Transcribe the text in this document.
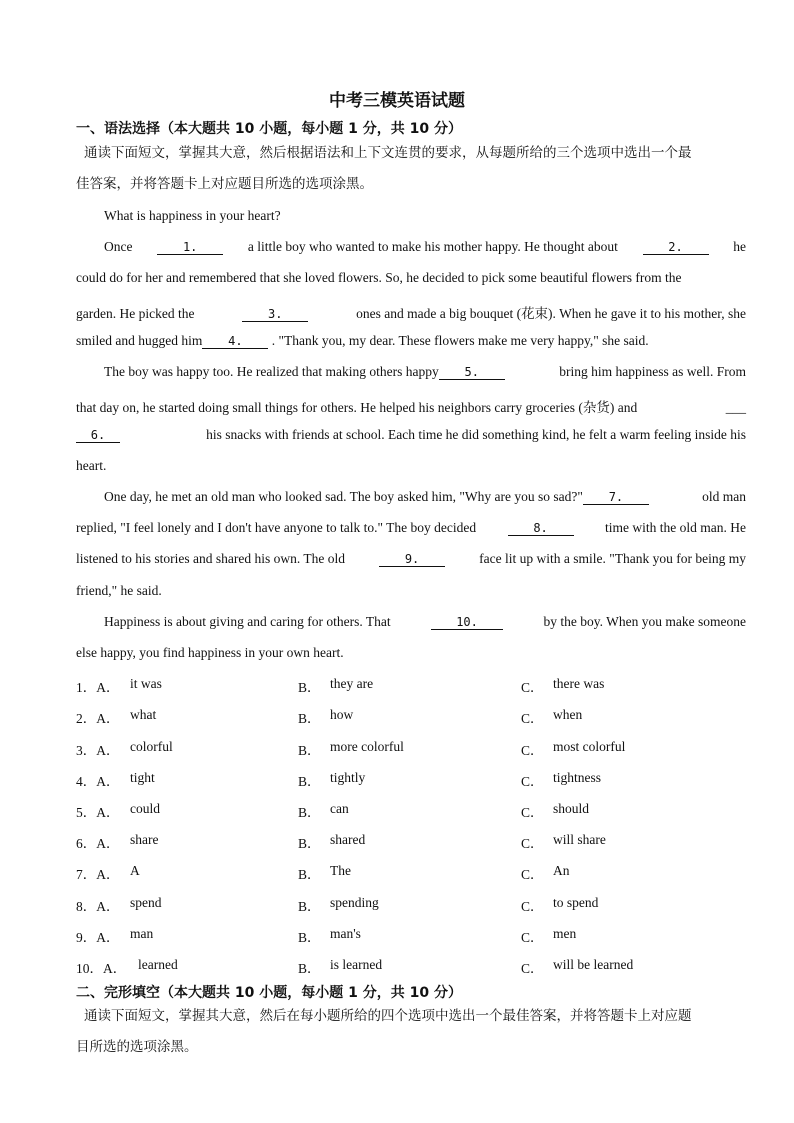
中考三模英语试题
一、语法选择（本大题共 10 小题，每小题 1 分，共 10 分）
通读下面短文，掌握其大意，然后根据语法和上下文连贯的要求，从每题所给的三个选项中选出一个最
佳答案，并将答题卡上对应题目所选的选项涂黑。
What is happiness in your heart?
Once	1.	a little boy who wanted to make his mother happy. He thought about	2.	he
could do for her and remembered that she loved flowers. So, he decided to pick some beautiful flowers from the
garden. He picked the	3.	ones and made a big bouquet (花束). When he gave it to his mother, she
smiled and hugged him	4.
	. "Thank you, my dear. These flowers make me very happy," she said.
The boy was happy too. He realized that making others happy 5.	bring him happiness as well. From
that day on, he started doing small things for others. He helped his neighbors carry groceries (杂货) and	___
6.	his snacks with friends at school. Each time he did something kind, he felt a warm feeling inside his
heart.
One day, he met an old man who looked sad. The boy asked him, "Why are you so sad?" 7.	old man
replied, "I feel lonely and I don't have anyone to talk to." The boy decided	8.	time with the old man. He
listened to his stories and shared his own. The old	9.	face lit up with a smile. "Thank you for being my
friend," he said.
Happiness is about giving and caring for others. That	10.	by the boy. When you make someone
else happy, you find happiness in your own heart.
1．A． it was	B． they are	C． there was
2．A． what	B． how	C． when
3．A． colorful	B． more colorful	C． most colorful
4．A． tight	B． tightly	C． tightness
5．A． could	B． can	C． should
6．A． share	B． shared	C． will share
7．A． A	B． The	C． An
8．A． spend	B． spending	C． to spend
9．A． man	B． man's	C． men
10．A． learned	B． is learned	C． will be learned
二、完形填空（本大题共 10 小题，每小题 1 分，共 10 分）
通读下面短文，掌握其大意，然后在每小题所给的四个选项中选出一个最佳答案，并将答题卡上对应题
目所选的选项涂黑。
